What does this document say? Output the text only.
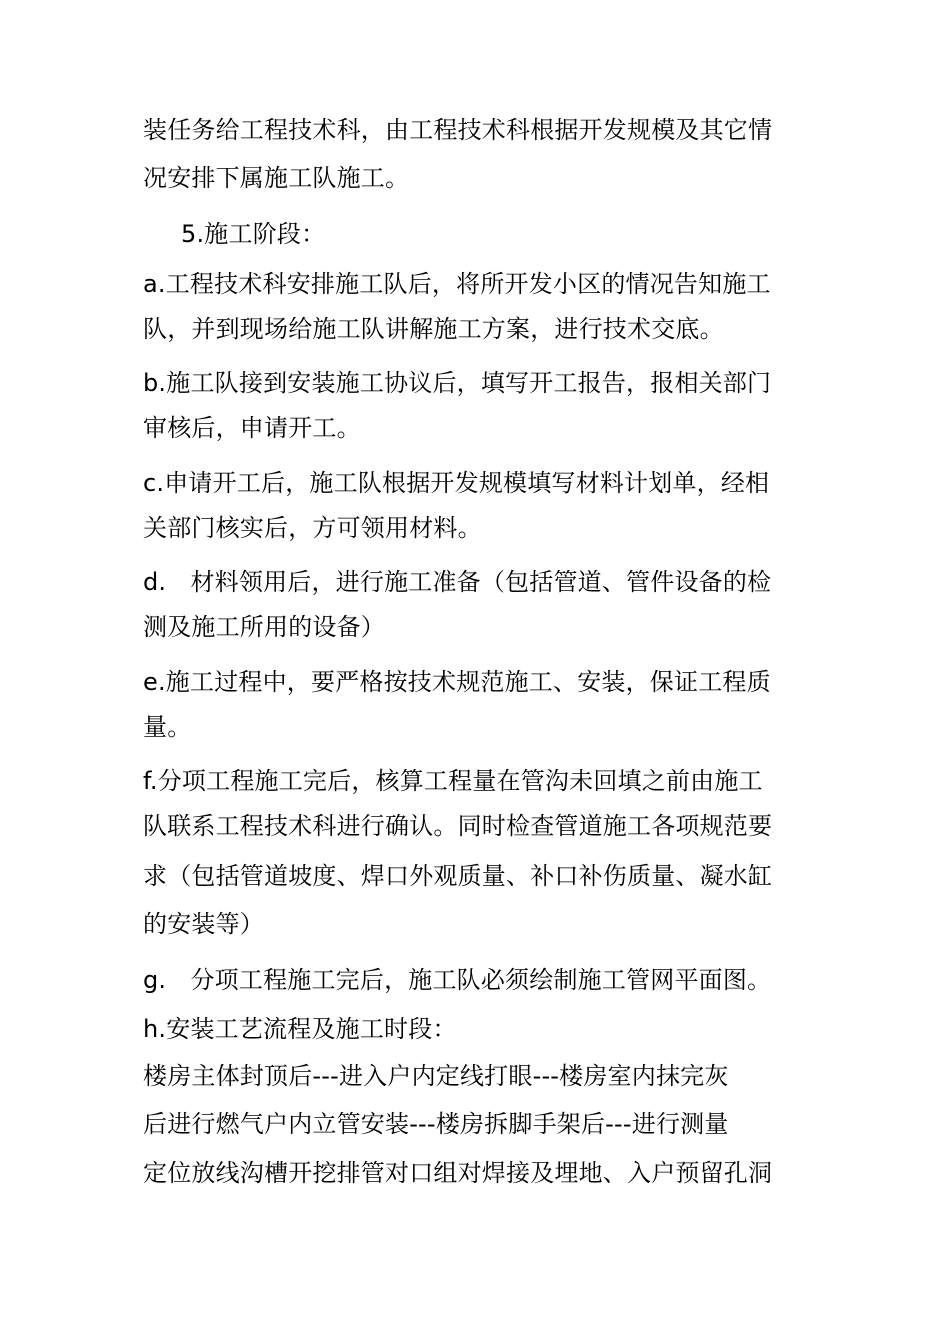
装任务给工程技术科，由工程技术科根据开发规模及其它情
况安排下属施工队施工。
5.施工阶段：
a.工程技术科安排施工队后，将所开发小区的情况告知施工
队，并到现场给施工队讲解施工方案，进行技术交底。
b.施工队接到安装施工协议后，填写开工报告，报相关部门
审核后，申请开工。
c.申请开工后，施工队根据开发规模填写材料计划单，经相
关部门核实后，方可领用材料。
d.　材料领用后，进行施工准备（包括管道、管件设备的检
测及施工所用的设备）
e.施工过程中，要严格按技术规范施工、安装，保证工程质
量。
f.分项工程施工完后，核算工程量在管沟未回填之前由施工
队联系工程技术科进行确认。同时检查管道施工各项规范要
求（包括管道坡度、焊口外观质量、补口补伤质量、凝水缸
的安装等）
g.　分项工程施工完后，施工队必须绘制施工管网平面图。
h.安装工艺流程及施工时段：
楼房主体封顶后---进入户内定线打眼---楼房室内抹完灰
后进行燃气户内立管安装---楼房拆脚手架后---进行测量
定位放线沟槽开挖排管对口组对焊接及埋地、入户预留孔洞
